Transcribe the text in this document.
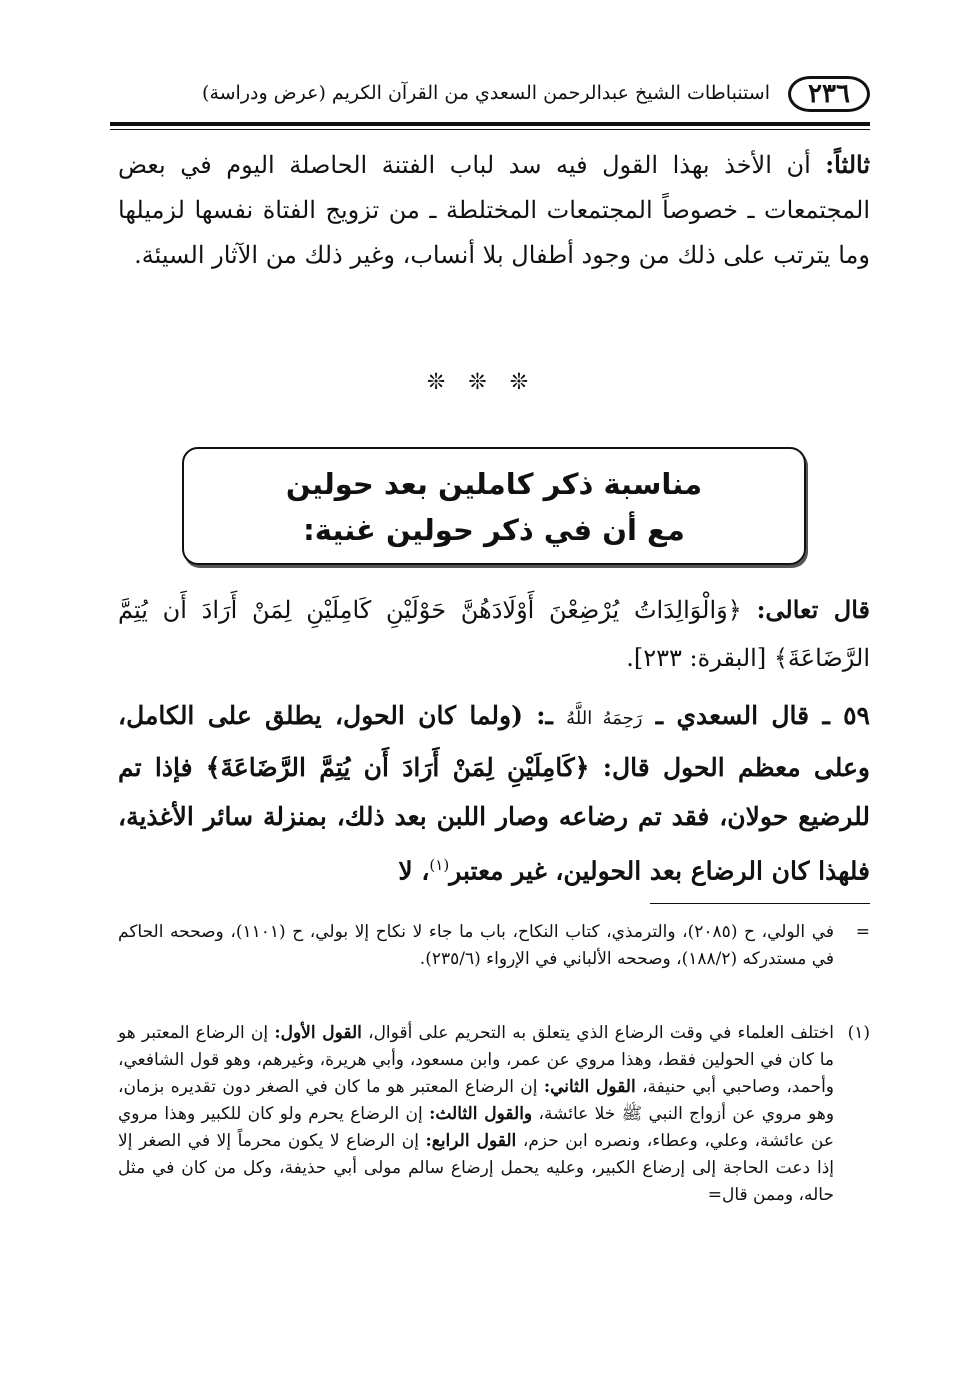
٢٣٦
استنباطات الشيخ عبدالرحمن السعدي من القرآن الكريم (عرض ودراسة)

ثالثاً: أن الأخذ بهذا القول فيه سد لباب الفتنة الحاصلة اليوم في بعض المجتمعات ـ خصوصاً المجتمعات المختلطة ـ من تزويج الفتاة نفسها لزميلها وما يترتب على ذلك من وجود أطفال بلا أنساب، وغير ذلك من الآثار السيئة.

❊ ❊ ❊
مناسبة ذكر كاملين بعد حولين
مع أن في ذكر حولين غنية:

قال تعالى: ﴿وَالْوَالِدَاتُ يُرْضِعْنَ أَوْلَادَهُنَّ حَوْلَيْنِ كَامِلَيْنِ لِمَنْ أَرَادَ أَن يُتِمَّ الرَّضَاعَةَ﴾ [البقرة: ٢٣٣].

٥٩ ـ قال السعدي ـ رَحِمَهُ اللَّهُ ـ: (ولما كان الحول، يطلق على الكامل، وعلى معظم الحول قال: ﴿كَامِلَيْنِ لِمَنْ أَرَادَ أَن يُتِمَّ الرَّضَاعَةَ﴾ فإذا تم للرضيع حولان، فقد تم رضاعه وصار اللبن بعد ذلك، بمنزلة سائر الأغذية، فلهذا كان الرضاع بعد الحولين، غير معتبر$^{(١)}$، لا

=
في الولي، ح (٢٠٨٥)، والترمذي، كتاب النكاح، باب ما جاء لا نكاح إلا بولي، ح (١١٠١)، وصححه الحاكم في مستدركه (١٨٨/٢)، وصححه الألباني في الإرواء (٢٣٥/٦).
(١)
اختلف العلماء في وقت الرضاع الذي يتعلق به التحريم على أقوال، القول الأول: إن الرضاع المعتبر هو ما كان في الحولين فقط، وهذا مروي عن عمر، وابن مسعود، وأبي هريرة، وغيرهم، وهو قول الشافعي، وأحمد، وصاحبي أبي حنيفة، القول الثاني: إن الرضاع المعتبر هو ما كان في الصغر دون تقديره بزمان، وهو مروي عن أزواج النبي ﷺ خلا عائشة، والقول الثالث: إن الرضاع يحرم ولو كان للكبير وهذا مروي عن عائشة، وعلي، وعطاء، ونصره ابن حزم، القول الرابع: إن الرضاع لا يكون محرماً إلا في الصغر إلا إذا دعت الحاجة إلى إرضاع الكبير، وعليه يحمل إرضاع سالم مولى أبي حذيفة، وكل من كان في مثل حاله، وممن قال=
